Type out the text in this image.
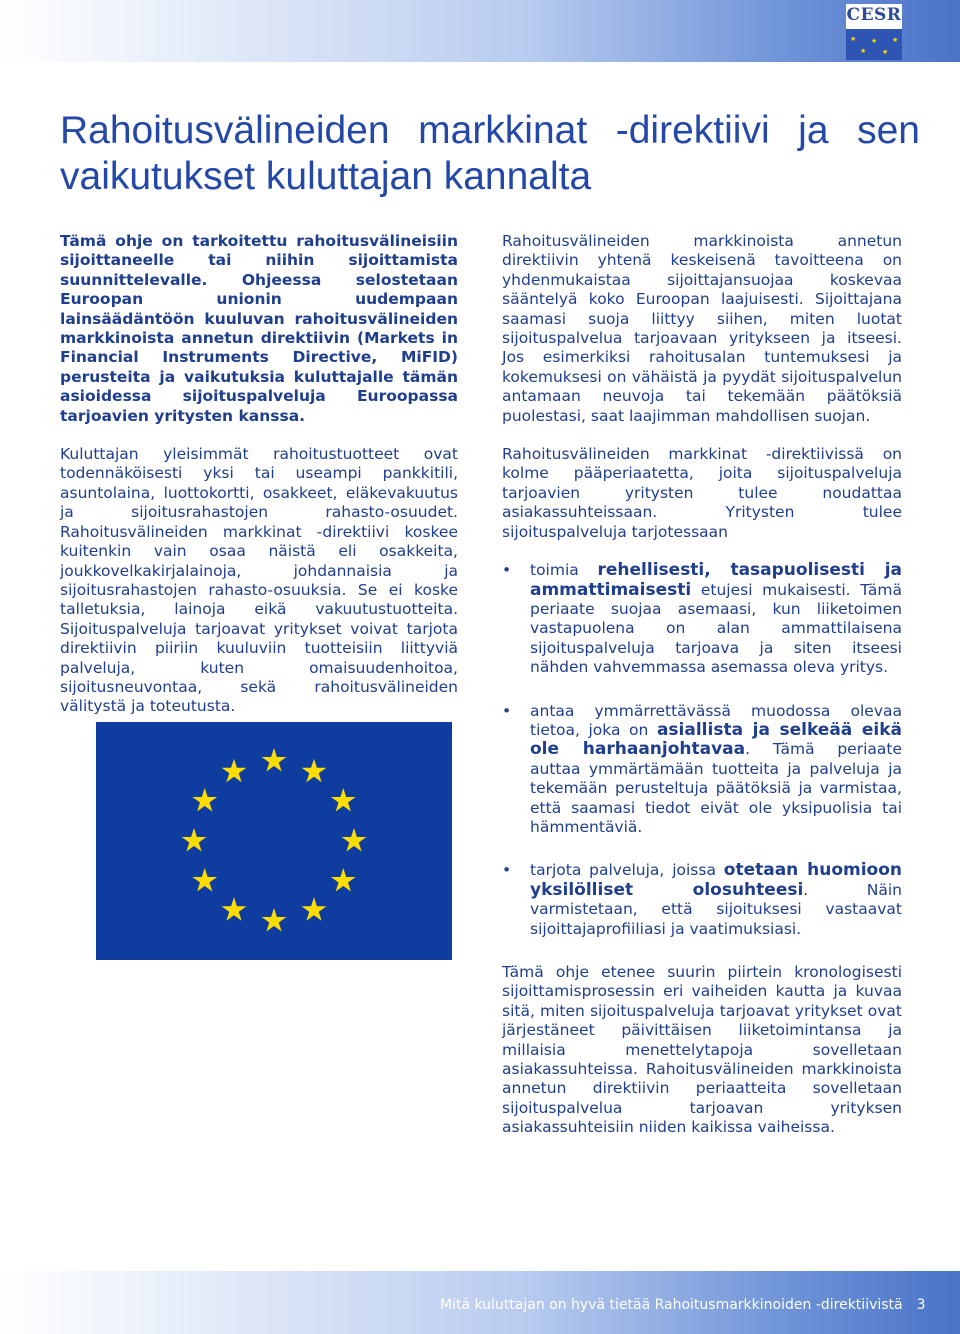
CESR
★
★
★
★
★
Rahoitusvälineiden markkinat -direktiivi ja sen vaikutukset kuluttajan kannalta

Tämä ohje on tarkoitettu rahoitusvälineisiin sijoittaneelle tai niihin sijoittamista suunnittelevalle. Ohjeessa selostetaan Euroopan unionin uudempaan lainsäädäntöön kuuluvan rahoitusvälineiden markkinoista annetun direktiivin (Markets in Financial Instruments Directive, MiFID) perusteita ja vaikutuksia kuluttajalle tämän asioidessa sijoituspalveluja Euroopassa tarjoavien yritysten kanssa.

Kuluttajan yleisimmät rahoitustuotteet ovat todennäköisesti yksi tai useampi pankkitili, asuntolaina, luottokortti, osakkeet, eläkevakuutus ja sijoitusrahastojen rahasto-osuudet. Rahoitusvälineiden markkinat -direktiivi koskee kuitenkin vain osaa näistä eli osakkeita, joukkovelkakirjalainoja, johdannaisia ja sijoitusrahastojen rahasto-osuuksia. Se ei koske talletuksia, lainoja eikä vakuutustuotteita. Sijoituspalveluja tarjoavat yritykset voivat tarjota direktiivin piiriin kuuluviin tuotteisiin liittyviä palveluja, kuten omaisuudenhoitoa, sijoitusneuvontaa, sekä rahoitusvälineiden välitystä ja toteutusta.

Rahoitusvälineiden markkinoista annetun direktiivin yhtenä keskeisenä tavoitteena on yhdenmukaistaa sijoittajansuojaa koskevaa sääntelyä koko Euroopan laajuisesti. Sijoittajana saamasi suoja liittyy siihen, miten luotat sijoituspalvelua tarjoavaan yritykseen ja itseesi. Jos esimerkiksi rahoitusalan tuntemuksesi ja kokemuksesi on vähäistä ja pyydät sijoituspalvelun antamaan neuvoja tai tekemään päätöksiä puolestasi, saat laajimman mahdollisen suojan.

Rahoitusvälineiden markkinat -direktiivissä on kolme pääperiaatetta, joita sijoituspalveluja tarjoavien yritysten tulee noudattaa asiakassuhteissaan. Yritysten tulee sijoituspalveluja tarjotessaan

• toimia rehellisesti, tasapuolisesti ja ammattimaisesti etujesi mukaisesti. Tämä periaate suojaa asemaasi, kun liiketoimen vastapuolena on alan ammattilaisena sijoituspalveluja tarjoava ja siten itseesi nähden vahvemmassa asemassa oleva yritys.
• antaa ymmärrettävässä muodossa olevaa tietoa, joka on asiallista ja selkeää eikä ole harhaanjohtavaa. Tämä periaate auttaa ymmärtämään tuotteita ja palveluja ja tekemään perusteltuja päätöksiä ja varmistaa, että saamasi tiedot eivät ole yksipuolisia tai hämmentäviä.
• tarjota palveluja, joissa otetaan huomioon yksilölliset olosuhteesi. Näin varmistetaan, että sijoituksesi vastaavat sijoittajaprofiiliasi ja vaatimuksiasi.

Tämä ohje etenee suurin piirtein kronologisesti sijoittamisprosessin eri vaiheiden kautta ja kuvaa sitä, miten sijoituspalveluja tarjoavat yritykset ovat järjestäneet päivittäisen liiketoimintansa ja millaisia menettelytapoja sovelletaan asiakassuhteissa. Rahoitusvälineiden markkinoista annetun direktiivin periaatteita sovelletaan sijoituspalvelua tarjoavan yrityksen asiakassuhteisiin niiden kaikissa vaiheissa.

Mitä kuluttajan on hyvä tietää Rahoitusmarkkinoiden -direktiivistä 3
